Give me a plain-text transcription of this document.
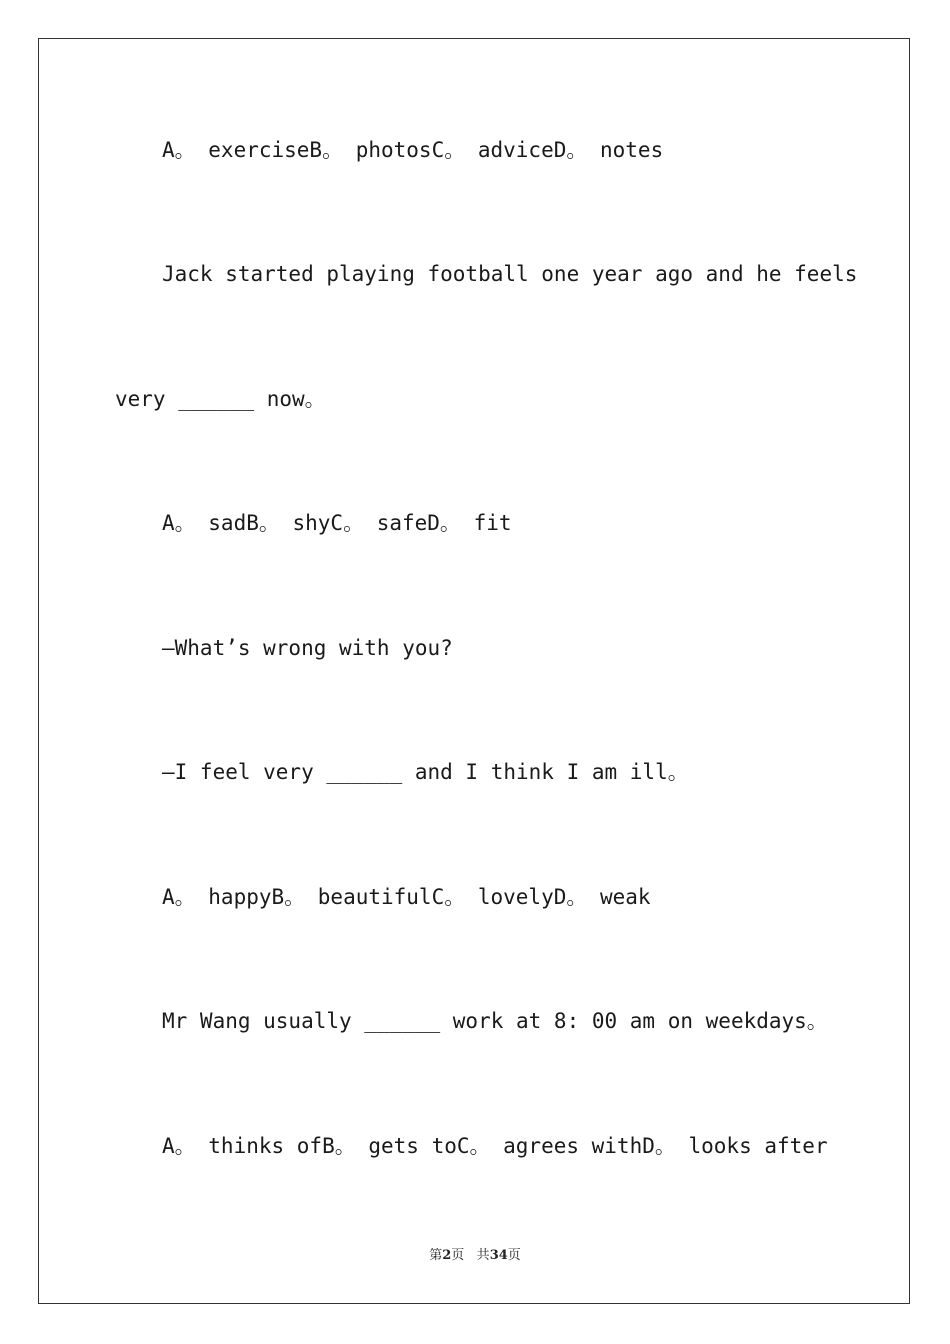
A。 exerciseB。 photosC。 adviceD。 notes

Jack started playing football one year ago and he feels

very ______ now。

A。 sadB。 shyC。 safeD。 fit

—What’s wrong with you?

—I feel very ______ and I think I am ill。

A。 happyB。 beautifulC。 lovelyD。 weak

Mr Wang usually ______ work at 8: 00 am on weekdays。

A。 thinks ofB。 gets toC。 agrees withD。 looks after

第2页 共34页
